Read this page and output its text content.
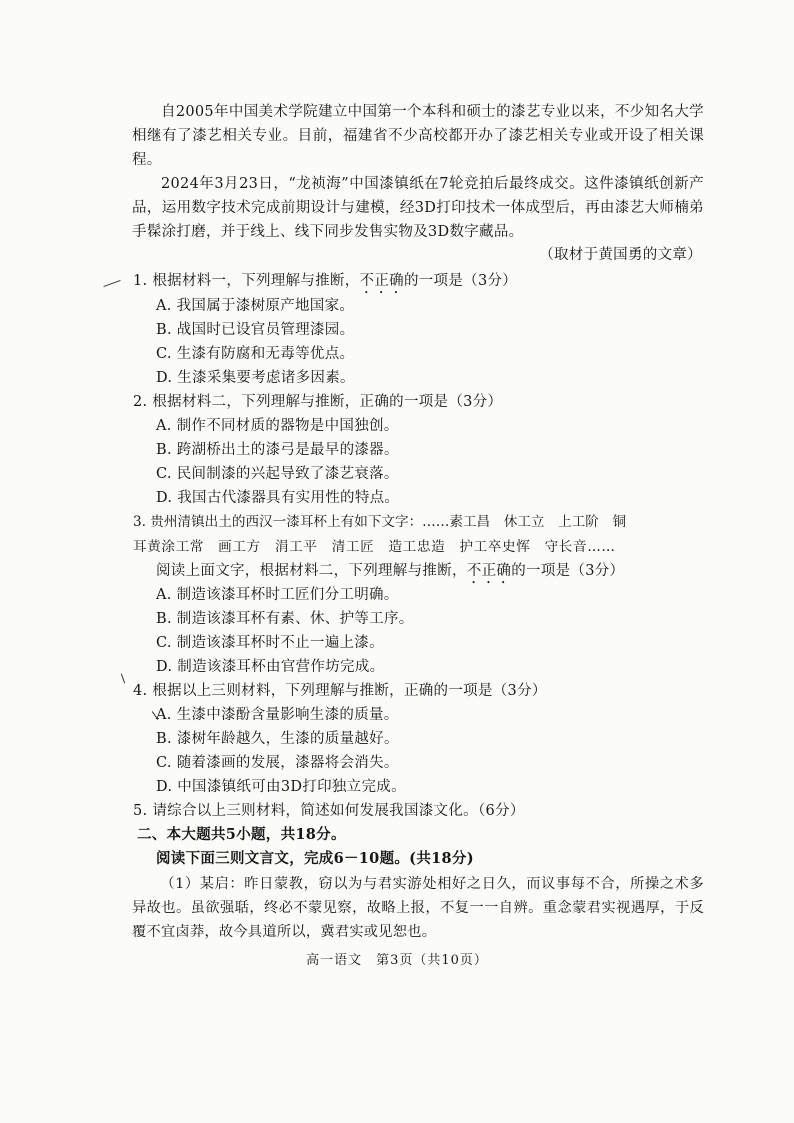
自2005年中国美术学院建立中国第一个本科和硕士的漆艺专业以来，不少知名大学相继有了漆艺相关专业。目前，福建省不少高校都开办了漆艺相关专业或开设了相关课程。
2024年3月23日，“龙祯海”中国漆镇纸在7轮竞拍后最终成交。这件漆镇纸创新产品，运用数字技术完成前期设计与建模，经3D打印技术一体成型后，再由漆艺大师楠弟手髹涂打磨，并于线上、线下同步发售实物及3D数字藏品。
（取材于黄国勇的文章）
1. 根据材料一，下列理解与推断，不正确的一项是（3分）
A. 我国属于漆树原产地国家。
B. 战国时已设官员管理漆园。
C. 生漆有防腐和无毒等优点。
D. 生漆采集要考虑诸多因素。
2. 根据材料二，下列理解与推断，正确的一项是（3分）
A. 制作不同材质的器物是中国独创。
B. 跨湖桥出土的漆弓是最早的漆器。
C. 民间制漆的兴起导致了漆艺衰落。
D. 我国古代漆器具有实用性的特点。
3. 贵州清镇出土的西汉一漆耳杯上有如下文字：……素工昌　休工立　上工阶　铜
耳黄涂工常　画工方　涓工平　清工匠　造工忠造　护工卒史恽　守长音……
阅读上面文字，根据材料二，下列理解与推断，不正确的一项是（3分）
A. 制造该漆耳杯时工匠们分工明确。
B. 制造该漆耳杯有素、休、护等工序。
C. 制造该漆耳杯时不止一遍上漆。
D. 制造该漆耳杯由官营作坊完成。
4. 根据以上三则材料，下列理解与推断，正确的一项是（3分）
A. 生漆中漆酚含量影响生漆的质量。
B. 漆树年龄越久，生漆的质量越好。
C. 随着漆画的发展，漆器将会消失。
D. 中国漆镇纸可由3D打印独立完成。
5. 请综合以上三则材料，简述如何发展我国漆文化。（6分）
二、本大题共5小题，共18分。
阅读下面三则文言文，完成6－10题。(共18分)
（1）某启：昨日蒙教，窃以为与君实游处相好之日久，而议事每不合，所操之术多异故也。虽欲强聒，终必不蒙见察，故略上报，不复一一自辨。重念蒙君实视遇厚，于反覆不宜卤莽，故今具道所以，冀君实或见恕也。
高一语文　第3页（共10页）
